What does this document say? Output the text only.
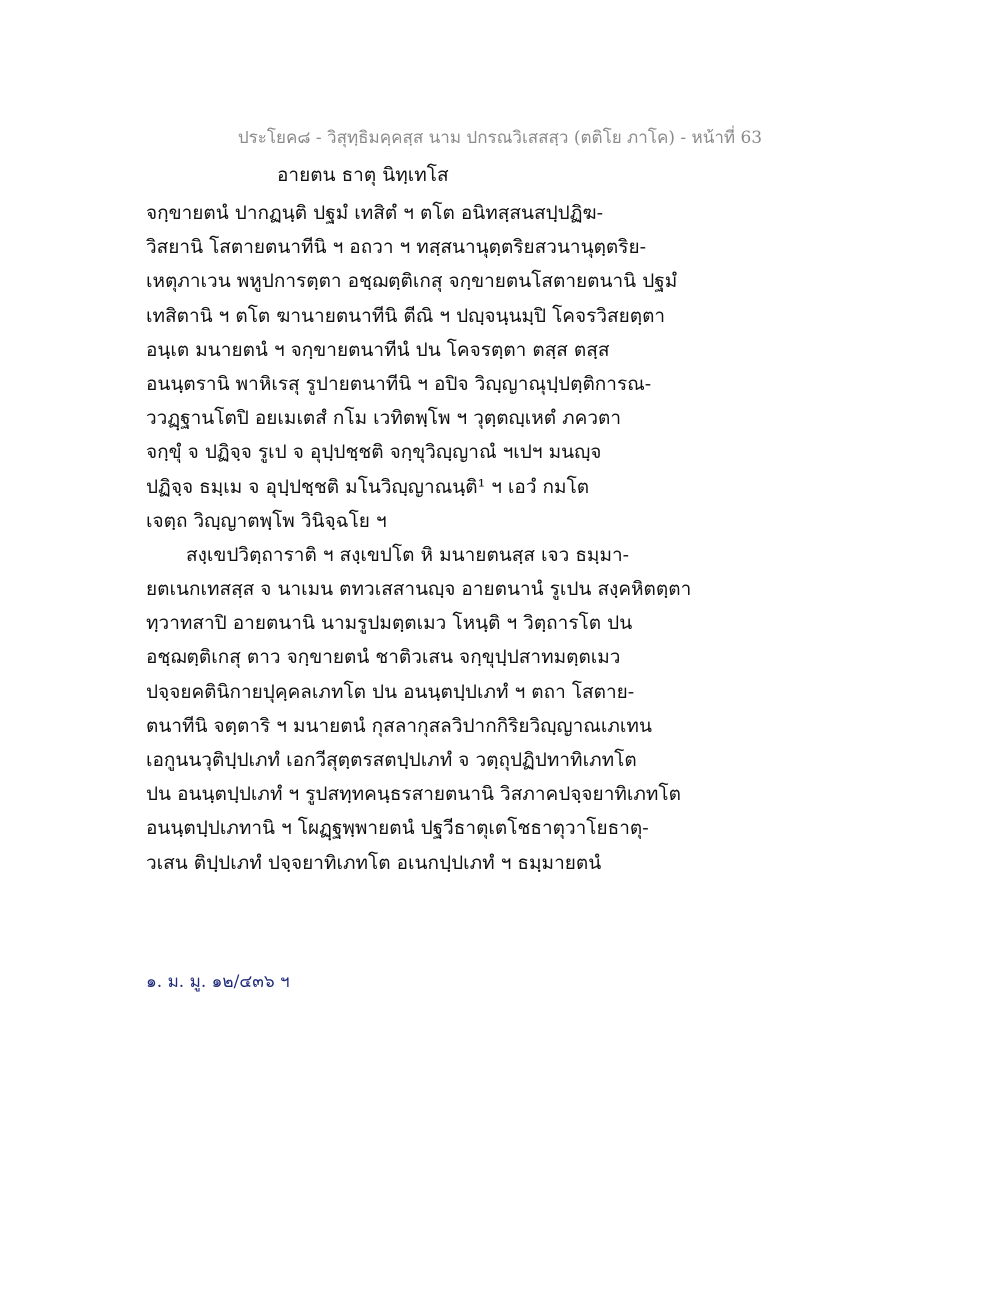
ประโยค๘ - วิสุทฺธิมคฺคสฺส นาม ปกรณวิเสสสฺว (ตติโย ภาโค) - หน้าที่ 63
อายตน ธาตุ นิทฺเทโส
จกฺขายตนํ ปากฏนฺติ ปฐมํ เทสิตํ ฯ ตโต อนิทสฺสนสปฺปฏิฆ-
วิสยานิ โสตายตนาทีนิ ฯ อถวา ฯ ทสฺสนานุตฺตริยสวนานุตฺตริย-
เหตุภาเวน พหูปการตฺตา อชฺฌตฺติเกสุ จกฺขายตนโสตายตนานิ ปฐมํ
เทสิตานิ ฯ ตโต ฆานายตนาทีนิ ตีณิ ฯ ปญฺจนฺนมฺปิ โคจรวิสยตฺตา
อนฺเต มนายตนํ ฯ จกฺขายตนาทีนํ ปน โคจรตฺตา ตสฺส ตสฺส
อนนฺตรานิ พาหิเรสุ รูปายตนาทีนิ ฯ อปิจ วิญฺญาณุปฺปตฺติการณ-
ววฏฺฐานโตปิ อยเมเตสํ กโม เวทิตพฺโพ ฯ วุตฺตญฺเหตํ ภควตา
จกฺขุํ จ ปฏิจฺจ รูเป จ อุปฺปชฺชติ จกฺขุวิญฺญาณํ ฯเปฯ มนญฺจ
ปฏิจฺจ ธมฺเม จ อุปฺปชฺชติ มโนวิญฺญาณนฺติ¹ ฯ เอวํ กมโต
เจตฺถ วิญฺญาตพฺโพ วินิจฺฉโย ฯ
สงฺเขปวิตฺถาราติ ฯ สงฺเขปโต หิ มนายตนสฺส เจว ธมฺมา-
ยตเนกเทสสฺส จ นาเมน ตทวเสสานญฺจ อายตนานํ รูเปน สงฺคหิตตฺตา
ทฺวาทสาปิ อายตนานิ นามรูปมตฺตเมว โหนฺติ ฯ วิตฺถารโต ปน
อชฺฌตฺติเกสุ ตาว จกฺขายตนํ ชาติวเสน จกฺขุปฺปสาทมตฺตเมว
ปจฺจยคตินิกายปุคฺคลเภทโต ปน อนนฺตปฺปเภทํ ฯ ตถา โสตาย-
ตนาทีนิ จตฺตาริ ฯ มนายตนํ กุสลากุสลวิปากกิริยวิญฺญาณเภเทน
เอกูนนวุติปฺปเภทํ เอกวีสุตฺตรสตปฺปเภทํ จ วตฺถุปฏิปทาทิเภทโต
ปน อนนฺตปฺปเภทํ ฯ รูปสทฺทคนฺธรสายตนานิ วิสภาคปจฺจยาทิเภทโต
อนนฺตปฺปเภทานิ ฯ โผฏฺฐพฺพายตนํ ปฐวีธาตุเตโชธาตุวาโยธาตุ-
วเสน ติปฺปเภทํ ปจฺจยาทิเภทโต อเนกปฺปเภทํ ฯ ธมฺมายตนํ
๑. ม. มู. ๑๒/๔๓๖ ฯ
